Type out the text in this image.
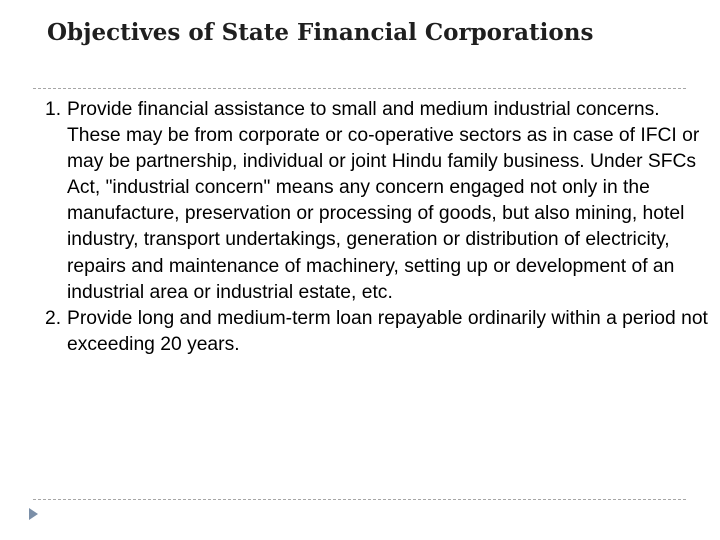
Objectives of State Financial Corporations
1. Provide financial assistance to small and medium industrial concerns. These may be from corporate or co-operative sectors as in case of IFCI or may be partnership, individual or joint Hindu family business. Under SFCs Act, "industrial concern" means any concern engaged not only in the manufacture, preservation or processing of goods, but also mining, hotel industry, transport undertakings, generation or distribution of electricity, repairs and maintenance of machinery, setting up or development of an industrial area or industrial estate, etc.
2. Provide long and medium-term loan repayable ordinarily within a period not exceeding 20 years.
